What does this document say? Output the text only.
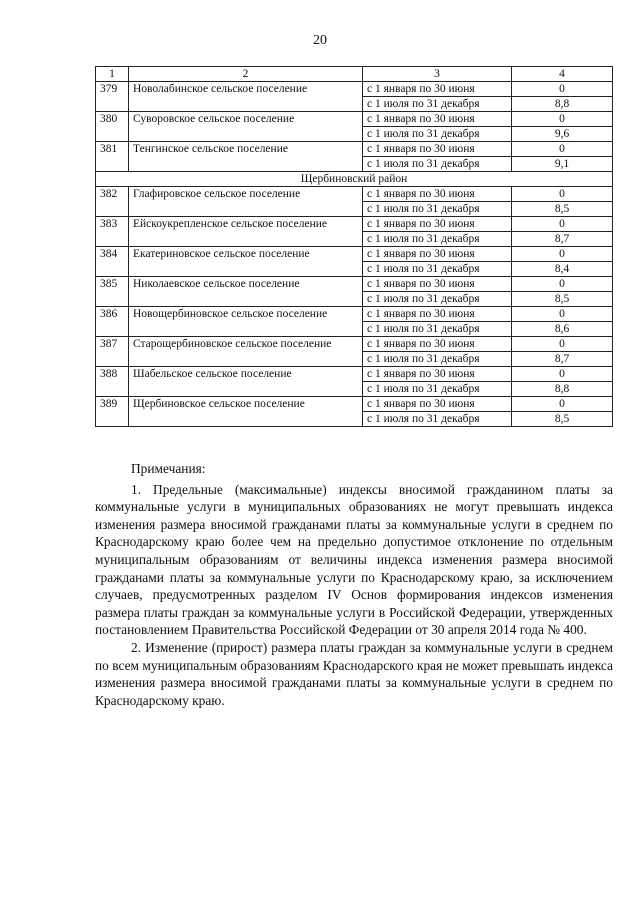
20
1	2	3	4
379	Новолабинское сельское поселение	с 1 января по 30 июня	0
		с 1 июля по 31 декабря	8,8
380	Суворовское сельское поселение	с 1 января по 30 июня	0
		с 1 июля по 31 декабря	9,6
381	Тенгинское сельское поселение	с 1 января по 30 июня	0
		с 1 июля по 31 декабря	9,1
Щербиновский район			
382	Глафировское сельское поселение	с 1 января по 30 июня	0
		с 1 июля по 31 декабря	8,5
383	Ейскоукрепленское сельское поселение	с 1 января по 30 июня	0
		с 1 июля по 31 декабря	8,7
384	Екатериновское сельское поселение	с 1 января по 30 июня	0
		с 1 июля по 31 декабря	8,4
385	Николаевское сельское поселение	с 1 января по 30 июня	0
		с 1 июля по 31 декабря	8,5
386	Новощербиновское сельское поселение	с 1 января по 30 июня	0
		с 1 июля по 31 декабря	8,6
387	Старощербиновское сельское поселение	с 1 января по 30 июня	0
		с 1 июля по 31 декабря	8,7
388	Шабельское сельское поселение	с 1 января по 30 июня	0
		с 1 июля по 31 декабря	8,8
389	Щербиновское сельское поселение	с 1 января по 30 июня	0
		с 1 июля по 31 декабря	8,5

Примечания:

1. Предельные (максимальные) индексы вносимой гражданином платы за коммунальные услуги в муниципальных образованиях не могут превышать индекса изменения размера вносимой гражданами платы за коммунальные услуги в среднем по Краснодарскому краю более чем на предельно допустимое отклонение по отдельным муниципальным образованиям от величины индекса изменения размера вносимой гражданами платы за коммунальные услуги по Краснодарскому краю, за исключением случаев, предусмотренных разделом IV Основ формирования индексов изменения размера платы граждан за коммунальные услуги в Российской Федерации, утвержденных постановлением Правительства Российской Федерации от 30 апреля 2014 года № 400.

2. Изменение (прирост) размера платы граждан за коммунальные услуги в среднем по всем муниципальным образованиям Краснодарского края не может превышать индекса изменения размера вносимой гражданами платы за коммунальные услуги в среднем по Краснодарскому краю.
